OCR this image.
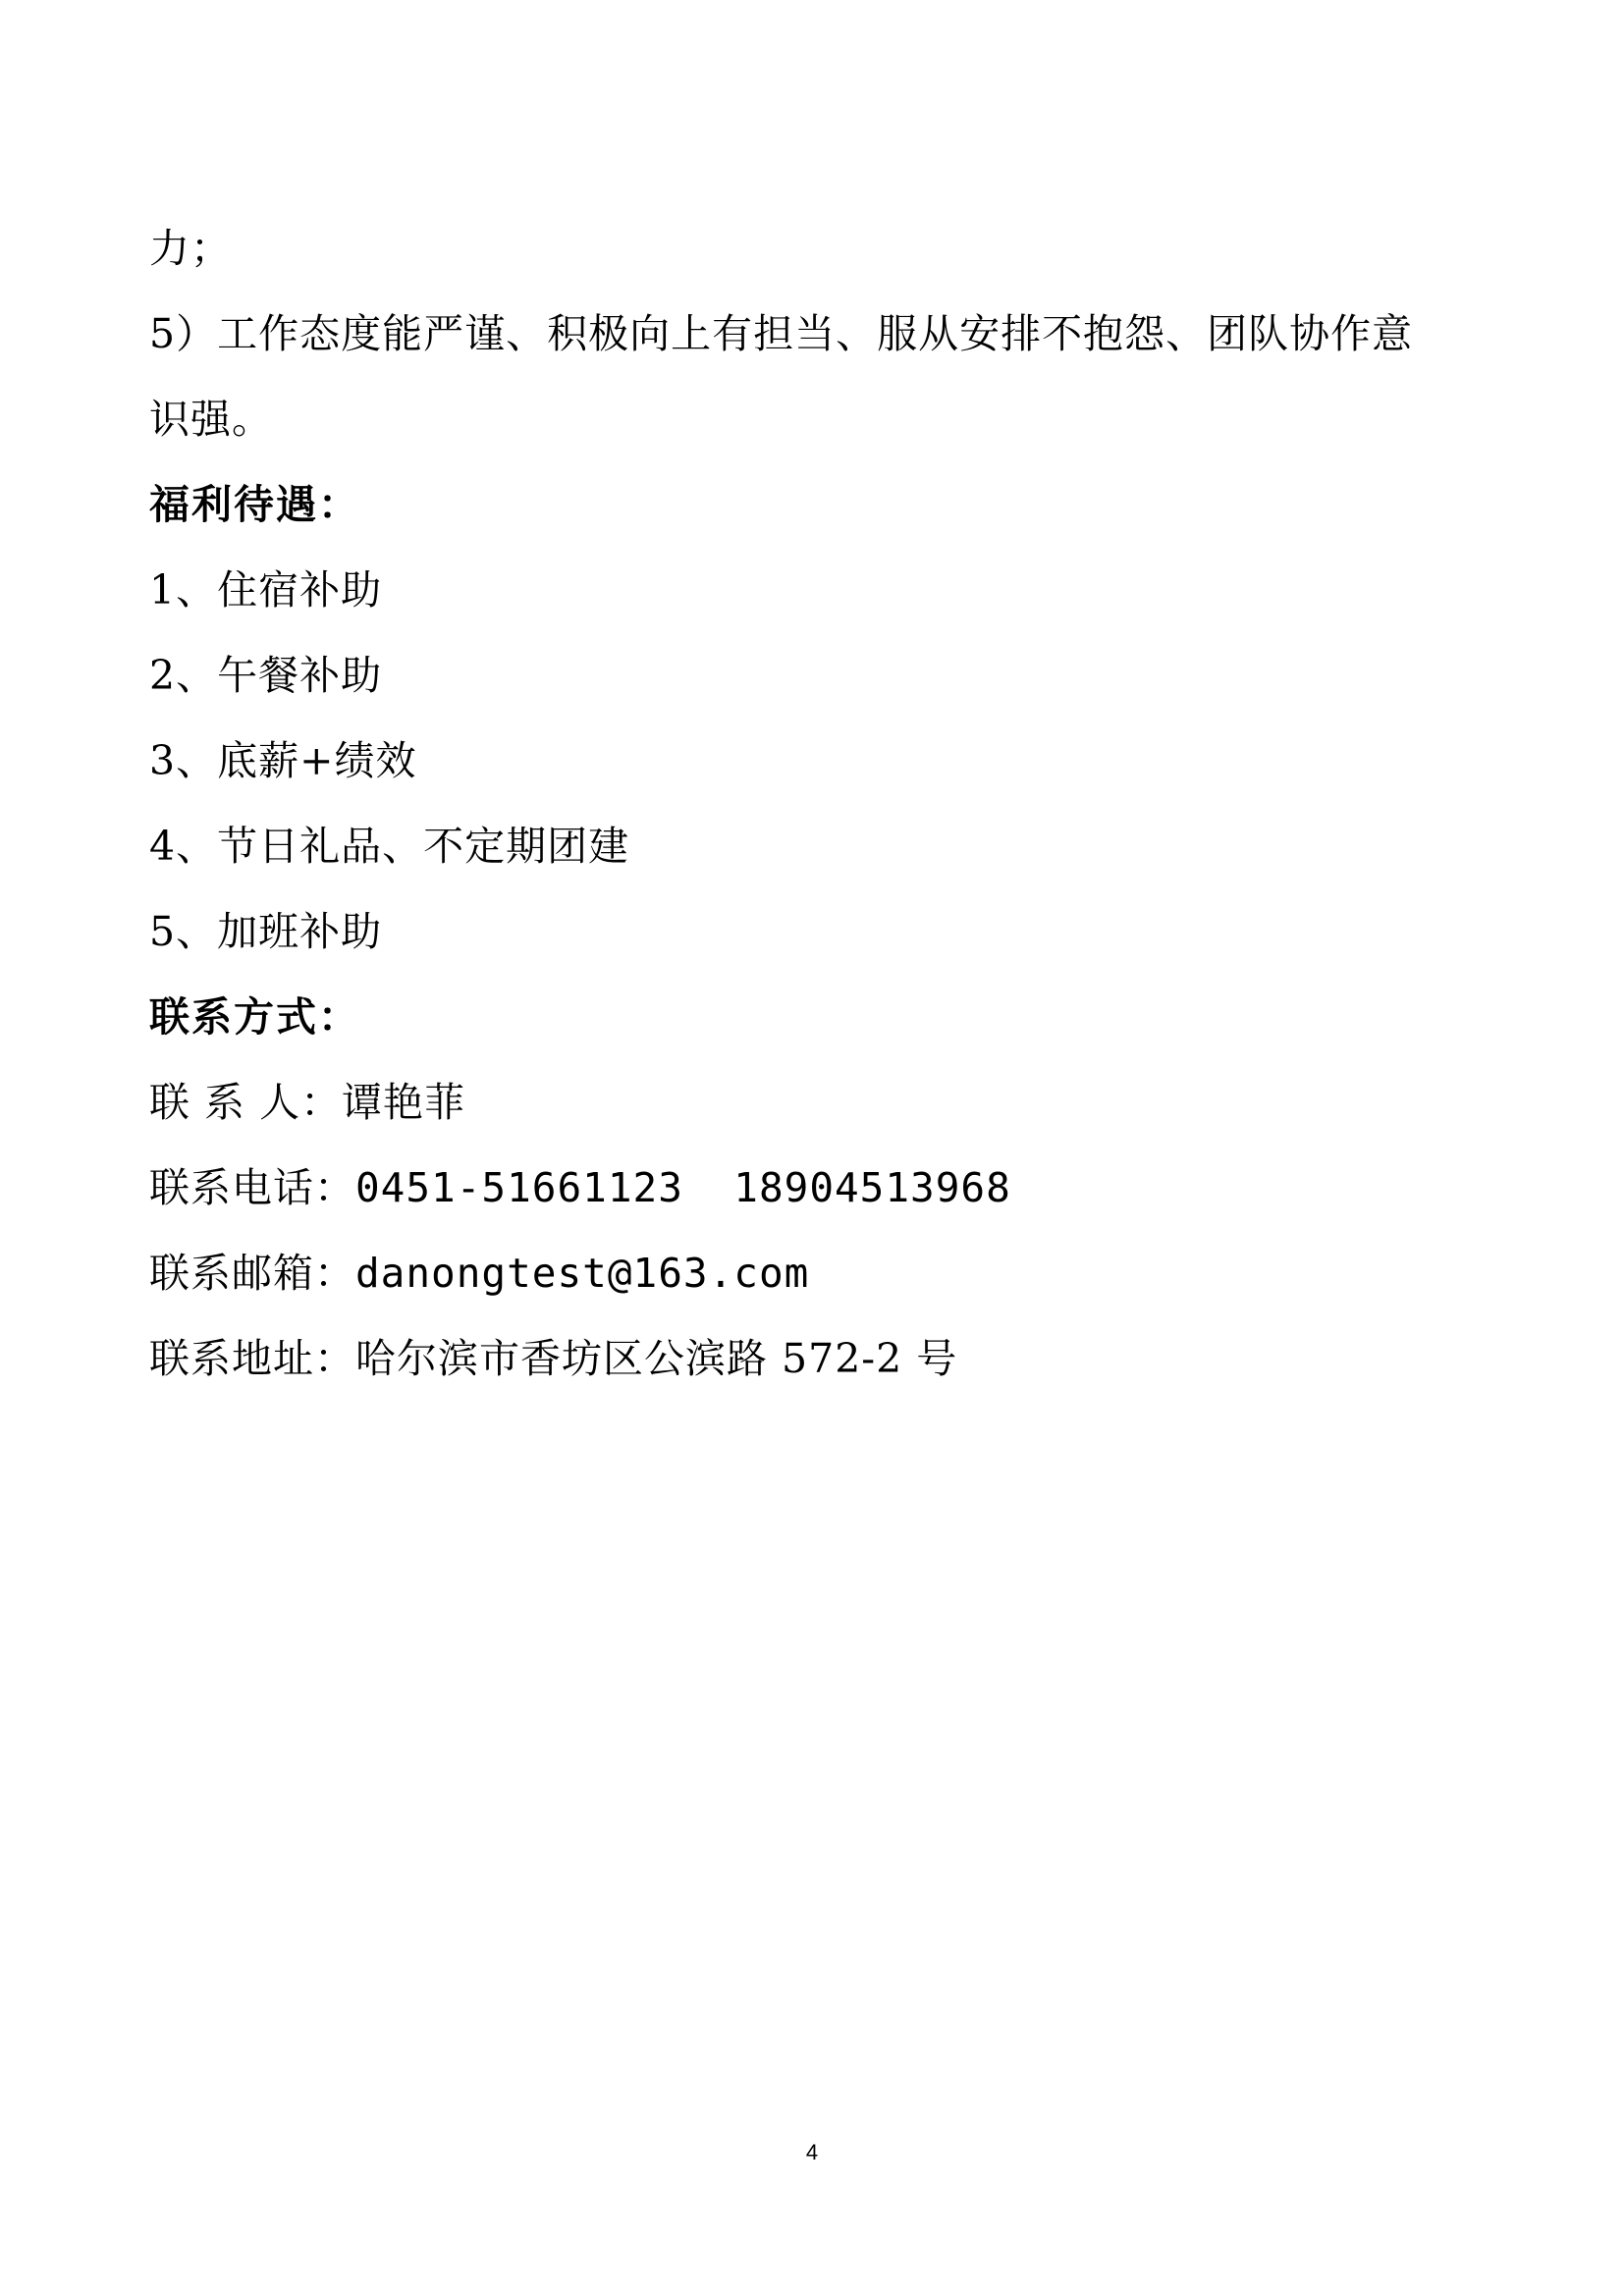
力；
5）工作态度能严谨、积极向上有担当、服从安排不抱怨、团队协作意
识强。
福利待遇：
1、住宿补助
2、午餐补助
3、底薪+绩效
4、节日礼品、不定期团建
5、加班补助
联系方式：
联 系 人：谭艳菲
联系电话：0451-51661123  18904513968
联系邮箱：danongtest@163.com
联系地址：哈尔滨市香坊区公滨路 572-2 号
4
